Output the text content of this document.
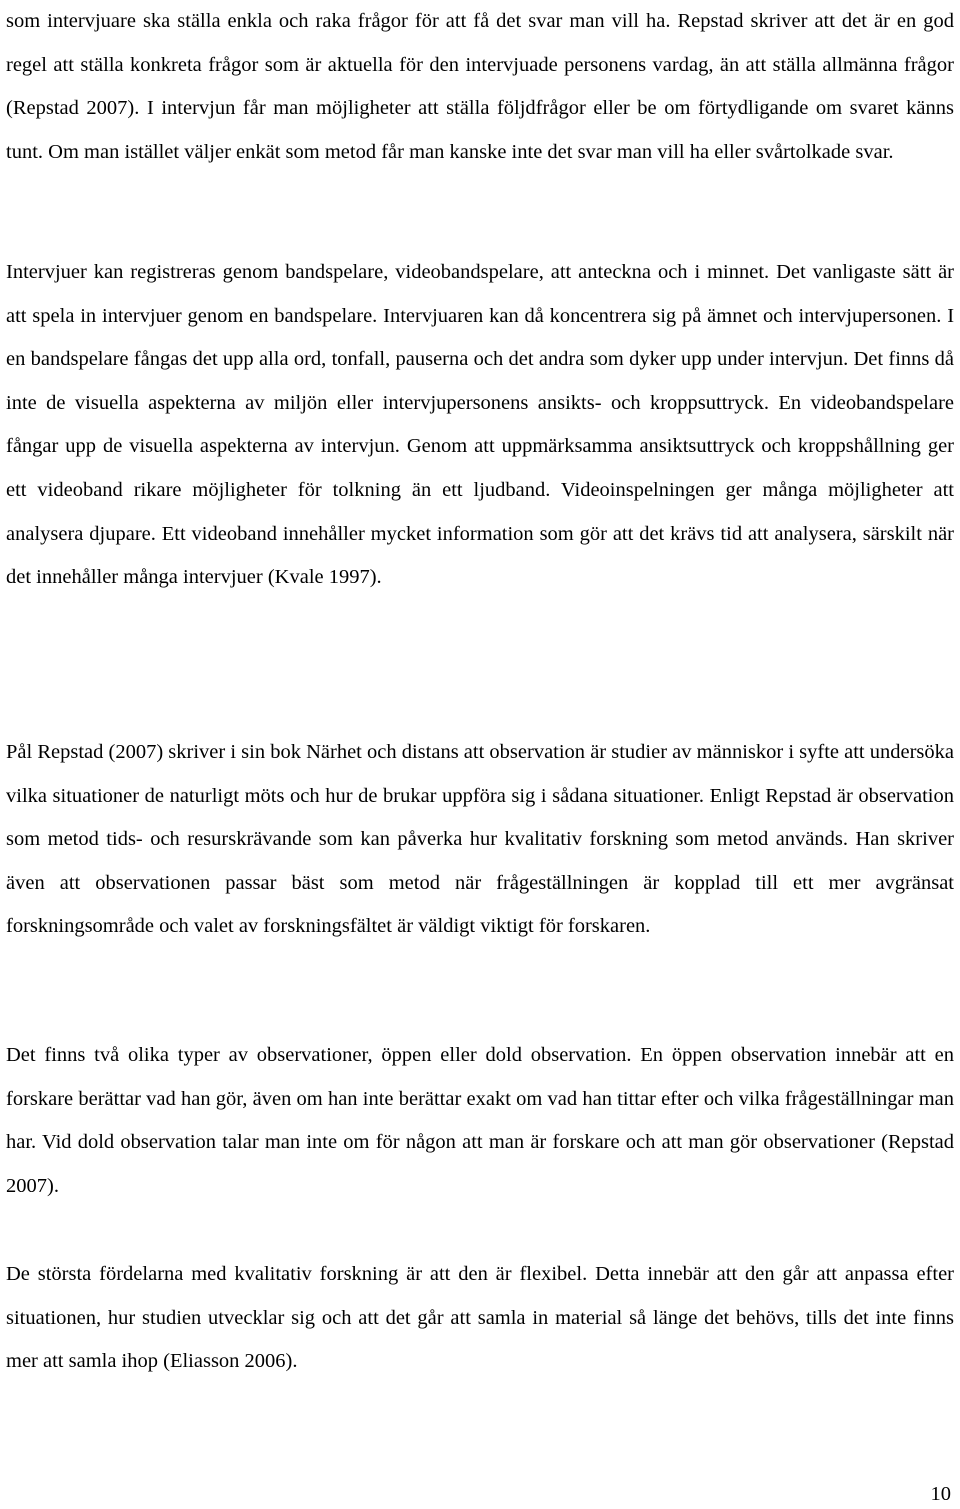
som intervjuare ska ställa enkla och raka frågor för att få det svar man vill ha. Repstad skriver att det är en god regel att ställa konkreta frågor som är aktuella för den intervjuade personens vardag, än att ställa allmänna frågor (Repstad 2007). I intervjun får man möjligheter att ställa följdfrågor eller be om förtydligande om svaret känns tunt. Om man istället väljer enkät som metod får man kanske inte det svar man vill ha eller svårtolkade svar.

Intervjuer kan registreras genom bandspelare, videobandspelare, att anteckna och i minnet. Det vanligaste sätt är att spela in intervjuer genom en bandspelare. Intervjuaren kan då koncentrera sig på ämnet och intervjupersonen. I en bandspelare fångas det upp alla ord, tonfall, pauserna och det andra som dyker upp under intervjun. Det finns då inte de visuella aspekterna av miljön eller intervjupersonens ansikts- och kroppsuttryck. En videobandspelare fångar upp de visuella aspekterna av intervjun. Genom att uppmärksamma ansiktsuttryck och kroppshållning ger ett videoband rikare möjligheter för tolkning än ett ljudband. Videoinspelningen ger många möjligheter att analysera djupare. Ett videoband innehåller mycket information som gör att det krävs tid att analysera, särskilt när det innehåller många intervjuer (Kvale 1997).

Pål Repstad (2007) skriver i sin bok Närhet och distans att observation är studier av människor i syfte att undersöka vilka situationer de naturligt möts och hur de brukar uppföra sig i sådana situationer. Enligt Repstad är observation som metod tids- och resurskrävande som kan påverka hur kvalitativ forskning som metod används. Han skriver även att observationen passar bäst som metod när frågeställningen är kopplad till ett mer avgränsat forskningsområde och valet av forskningsfältet är väldigt viktigt för forskaren.

Det finns två olika typer av observationer, öppen eller dold observation. En öppen observation innebär att en forskare berättar vad han gör, även om han inte berättar exakt om vad han tittar efter och vilka frågeställningar man har. Vid dold observation talar man inte om för någon att man är forskare och att man gör observationer (Repstad 2007).

De största fördelarna med kvalitativ forskning är att den är flexibel. Detta innebär att den går att anpassa efter situationen, hur studien utvecklar sig och att det går att samla in material så länge det behövs, tills det inte finns mer att samla ihop (Eliasson 2006).

10
